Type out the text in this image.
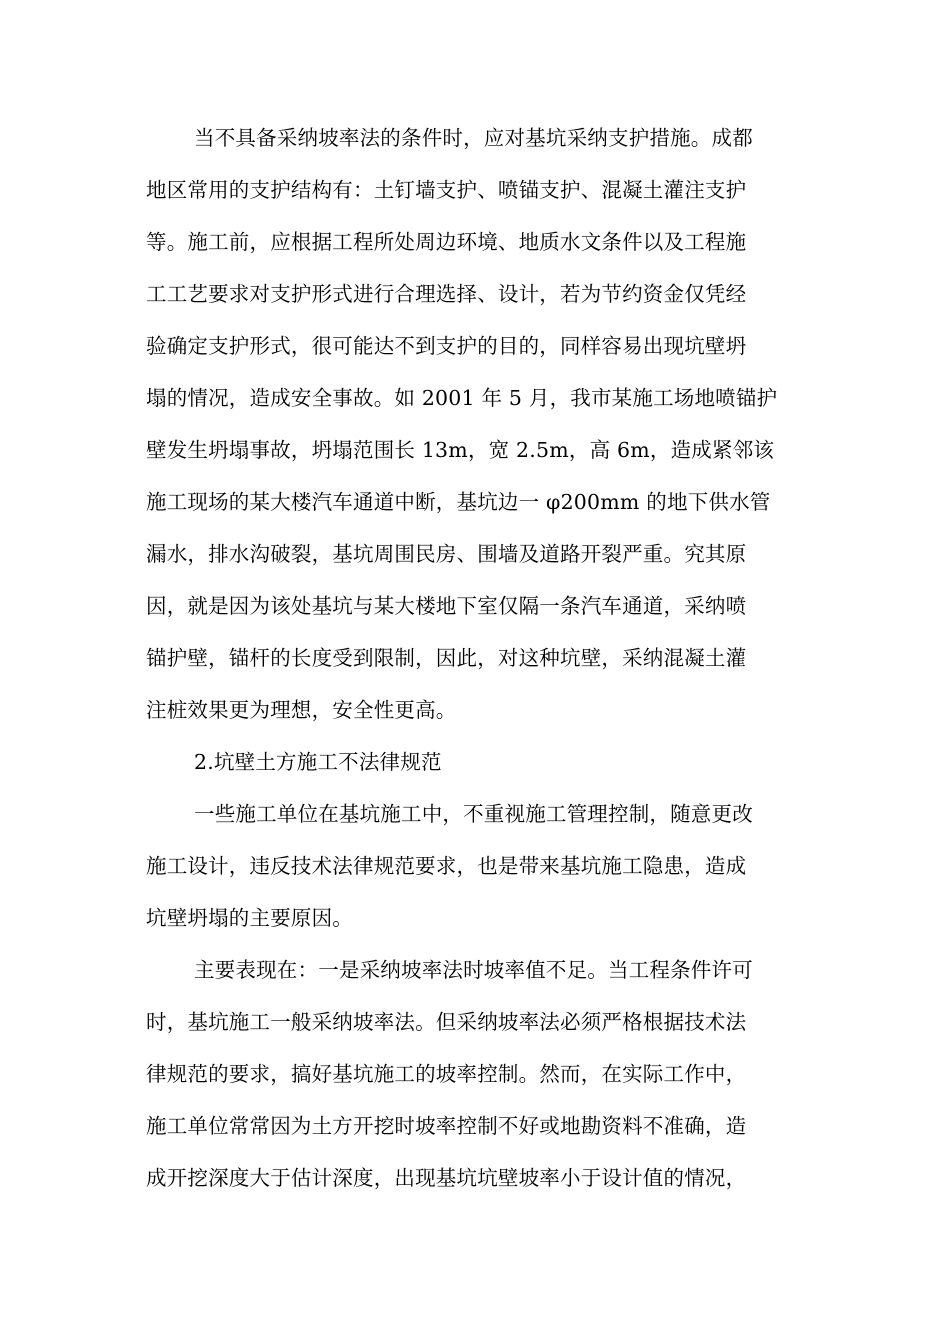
当不具备采纳坡率法的条件时，应对基坑采纳支护措施。成都
地区常用的支护结构有：土钉墙支护、喷锚支护、混凝土灌注支护
等。施工前，应根据工程所处周边环境、地质水文条件以及工程施
工工艺要求对支护形式进行合理选择、设计，若为节约资金仅凭经
验确定支护形式，很可能达不到支护的目的，同样容易出现坑壁坍
塌的情况，造成安全事故。如 2001 年 5 月，我市某施工场地喷锚护
壁发生坍塌事故，坍塌范围长 13m，宽 2.5m，高 6m，造成紧邻该
施工现场的某大楼汽车通道中断，基坑边一 φ200mm 的地下供水管
漏水，排水沟破裂，基坑周围民房、围墙及道路开裂严重。究其原
因，就是因为该处基坑与某大楼地下室仅隔一条汽车通道，采纳喷
锚护壁，锚杆的长度受到限制，因此，对这种坑壁，采纳混凝土灌
注桩效果更为理想，安全性更高。
2.坑壁土方施工不法律规范
一些施工单位在基坑施工中，不重视施工管理控制，随意更改
施工设计，违反技术法律规范要求，也是带来基坑施工隐患，造成
坑壁坍塌的主要原因。
主要表现在：一是采纳坡率法时坡率值不足。当工程条件许可
时，基坑施工一般采纳坡率法。但采纳坡率法必须严格根据技术法
律规范的要求，搞好基坑施工的坡率控制。然而，在实际工作中，
施工单位常常因为土方开挖时坡率控制不好或地勘资料不准确，造
成开挖深度大于估计深度，出现基坑坑壁坡率小于设计值的情况，
